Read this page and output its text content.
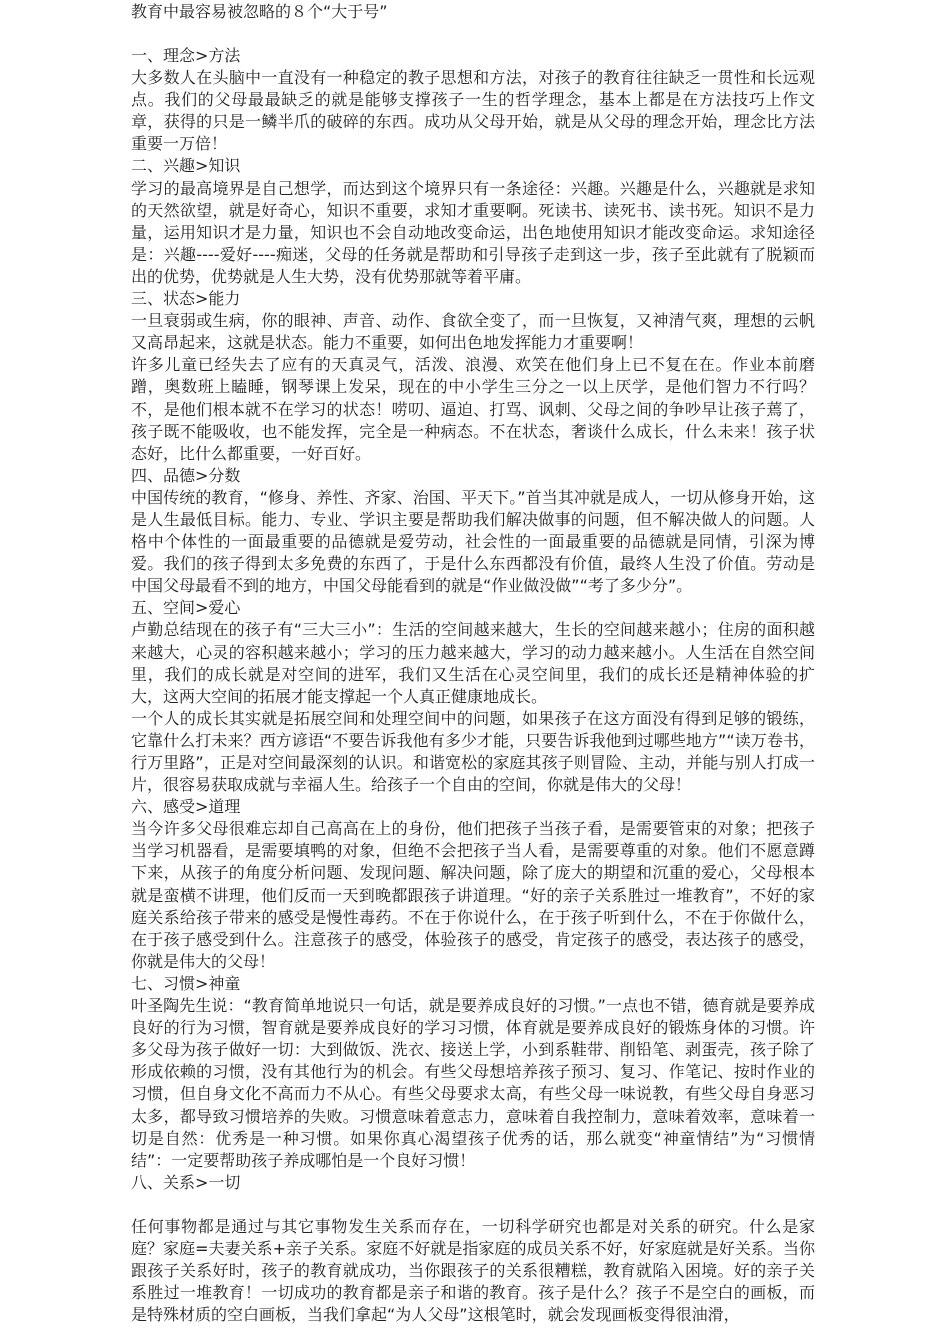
教育中最容易被忽略的８个“大于号”
一、理念>方法

大多数人在头脑中一直没有一种稳定的教子思想和方法，对孩子的教育往往缺乏一贯性和长远观点。我们的父母最最缺乏的就是能够支撑孩子一生的哲学理念，基本上都是在方法技巧上作文章，获得的只是一鳞半爪的破碎的东西。成功从父母开始，就是从父母的理念开始，理念比方法重要一万倍！

二、兴趣>知识

学习的最高境界是自己想学，而达到这个境界只有一条途径：兴趣。兴趣是什么，兴趣就是求知的天然欲望，就是好奇心，知识不重要，求知才重要啊。死读书、读死书、读书死。知识不是力量，运用知识才是力量，知识也不会自动地改变命运，出色地使用知识才能改变命运。求知途径是：兴趣----爱好----痴迷，父母的任务就是帮助和引导孩子走到这一步，孩子至此就有了脱颖而出的优势，优势就是人生大势，没有优势那就等着平庸。

三、状态>能力

一旦衰弱或生病，你的眼神、声音、动作、食欲全变了，而一旦恢复，又神清气爽，理想的云帆又高昂起来，这就是状态。能力不重要，如何出色地发挥能力才重要啊！

许多儿童已经失去了应有的天真灵气，活泼、浪漫、欢笑在他们身上已不复在在。作业本前磨蹭，奥数班上瞌睡，钢琴课上发呆，现在的中小学生三分之一以上厌学，是他们智力不行吗？不，是他们根本就不在学习的状态！唠叨、逼迫、打骂、讽刺、父母之间的争吵早让孩子蔫了，孩子既不能吸收，也不能发挥，完全是一种病态。不在状态，奢谈什么成长，什么未来！孩子状态好，比什么都重要，一好百好。

四、品德>分数

中国传统的教育，“修身、养性、齐家、治国、平天下。”首当其冲就是成人，一切从修身开始，这是人生最低目标。能力、专业、学识主要是帮助我们解决做事的问题，但不解决做人的问题。人格中个体性的一面最重要的品德就是爱劳动，社会性的一面最重要的品德就是同情，引深为博爱。我们的孩子得到太多免费的东西了，于是什么东西都没有价值，最终人生没了价值。劳动是中国父母最看不到的地方，中国父母能看到的就是“作业做没做”“考了多少分”。

五、空间>爱心

卢勤总结现在的孩子有“三大三小”：生活的空间越来越大，生长的空间越来越小；住房的面积越来越大，心灵的容积越来越小；学习的压力越来越大，学习的动力越来越小。人生活在自然空间里，我们的成长就是对空间的进军，我们又生活在心灵空间里，我们的成长还是精神体验的扩大，这两大空间的拓展才能支撑起一个人真正健康地成长。

一个人的成长其实就是拓展空间和处理空间中的问题，如果孩子在这方面没有得到足够的锻练，它靠什么打未来？西方谚语“不要告诉我他有多少才能，只要告诉我他到过哪些地方”“读万卷书，行万里路”，正是对空间最深刻的认识。和谐宽松的家庭其孩子则冒险、主动，并能与别人打成一片，很容易获取成就与幸福人生。给孩子一个自由的空间，你就是伟大的父母！

六、感受>道理

当今许多父母很难忘却自己高高在上的身份，他们把孩子当孩子看，是需要管束的对象；把孩子当学习机器看，是需要填鸭的对象，但绝不会把孩子当人看，是需要尊重的对象。他们不愿意蹲下来，从孩子的角度分析问题、发现问题、解决问题，除了庞大的期望和沉重的爱心，父母根本就是蛮横不讲理，他们反而一天到晚都跟孩子讲道理。“好的亲子关系胜过一堆教育”，不好的家庭关系给孩子带来的感受是慢性毒药。不在于你说什么，在于孩子听到什么，不在于你做什么，在于孩子感受到什么。注意孩子的感受，体验孩子的感受，肯定孩子的感受，表达孩子的感受，你就是伟大的父母！

七、习惯>神童

叶圣陶先生说：“教育简单地说只一句话，就是要养成良好的习惯。”一点也不错，德育就是要养成良好的行为习惯，智育就是要养成良好的学习习惯，体育就是要养成良好的锻炼身体的习惯。许多父母为孩子做好一切：大到做饭、洗衣、接送上学，小到系鞋带、削铅笔、剥蛋壳，孩子除了形成依赖的习惯，没有其他行为的机会。有些父母想培养孩子预习、复习、作笔记、按时作业的习惯，但自身文化不高而力不从心。有些父母要求太高，有些父母一味说教，有些父母自身恶习太多，都导致习惯培养的失败。习惯意味着意志力，意味着自我控制力，意味着效率，意味着一切是自然：优秀是一种习惯。如果你真心渴望孩子优秀的话，那么就变“神童情结”为“习惯情结”：一定要帮助孩子养成哪怕是一个良好习惯！

八、关系>一切

任何事物都是通过与其它事物发生关系而存在，一切科学研究也都是对关系的研究。什么是家庭？家庭=夫妻关系+亲子关系。家庭不好就是指家庭的成员关系不好，好家庭就是好关系。当你跟孩子关系好时，孩子的教育就成功，当你跟孩子的关系很糟糕，教育就陷入困境。好的亲子关系胜过一堆教育！一切成功的教育都是亲子和谐的教育。孩子是什么？孩子不是空白的画板，而是特殊材质的空白画板，当我们拿起“为人父母”这根笔时，就会发现画板变得很油滑，
